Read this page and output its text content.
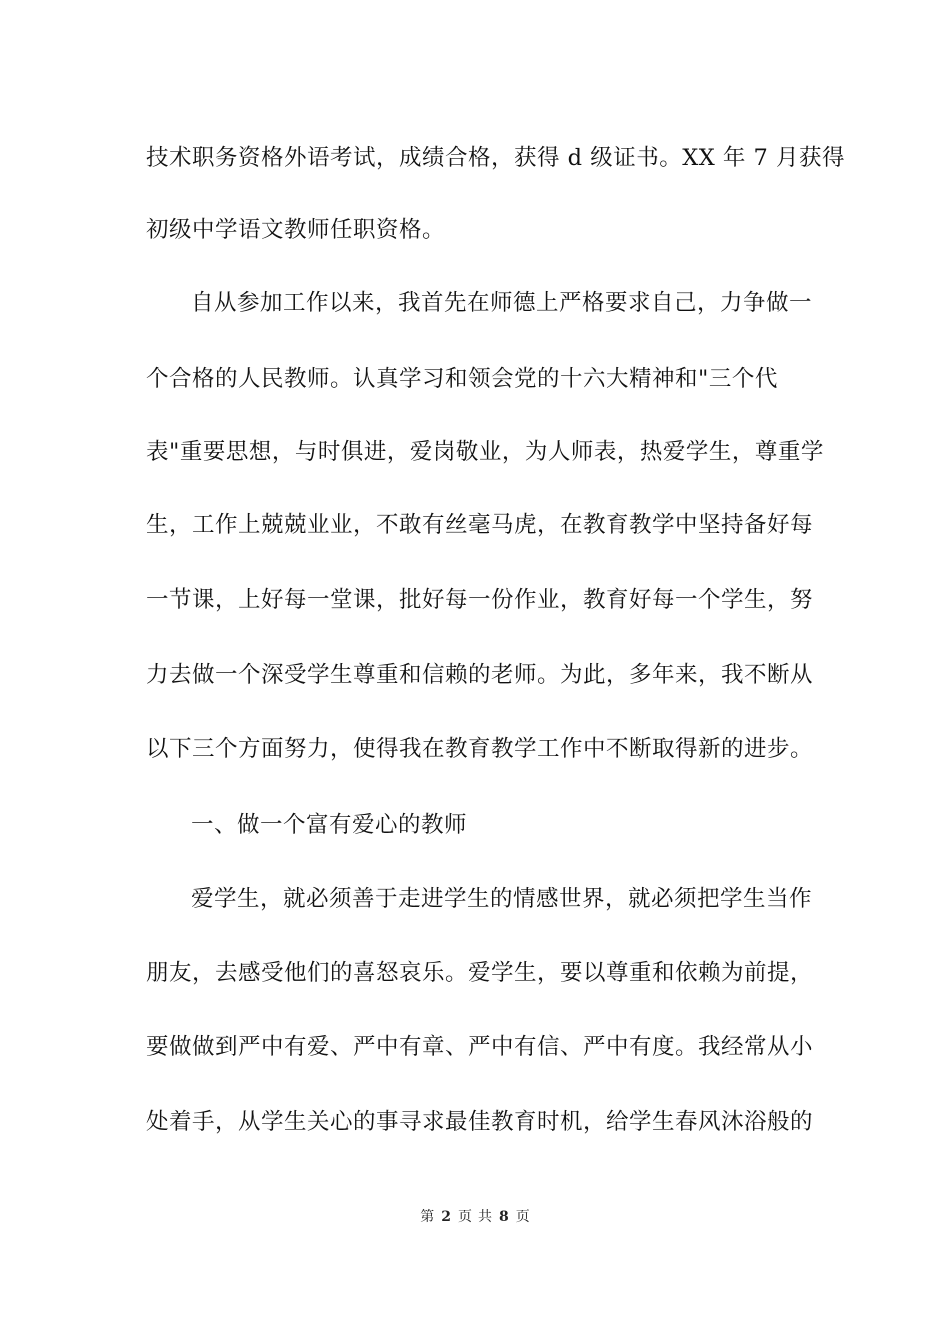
技术职务资格外语考试，成绩合格，获得 d 级证书。XX 年 7 月获得
初级中学语文教师任职资格。
自从参加工作以来，我首先在师德上严格要求自己，力争做一
个合格的人民教师。认真学习和领会党的十六大精神和"三个代
表"重要思想，与时俱进，爱岗敬业，为人师表，热爱学生，尊重学
生，工作上兢兢业业，不敢有丝毫马虎，在教育教学中坚持备好每
一节课，上好每一堂课，批好每一份作业，教育好每一个学生，努
力去做一个深受学生尊重和信赖的老师。为此，多年来，我不断从
以下三个方面努力，使得我在教育教学工作中不断取得新的进步。
一、做一个富有爱心的教师
爱学生，就必须善于走进学生的情感世界，就必须把学生当作
朋友，去感受他们的喜怒哀乐。爱学生，要以尊重和依赖为前提，
要做做到严中有爱、严中有章、严中有信、严中有度。我经常从小
处着手，从学生关心的事寻求最佳教育时机，给学生春风沐浴般的
第 2 页 共 8 页
